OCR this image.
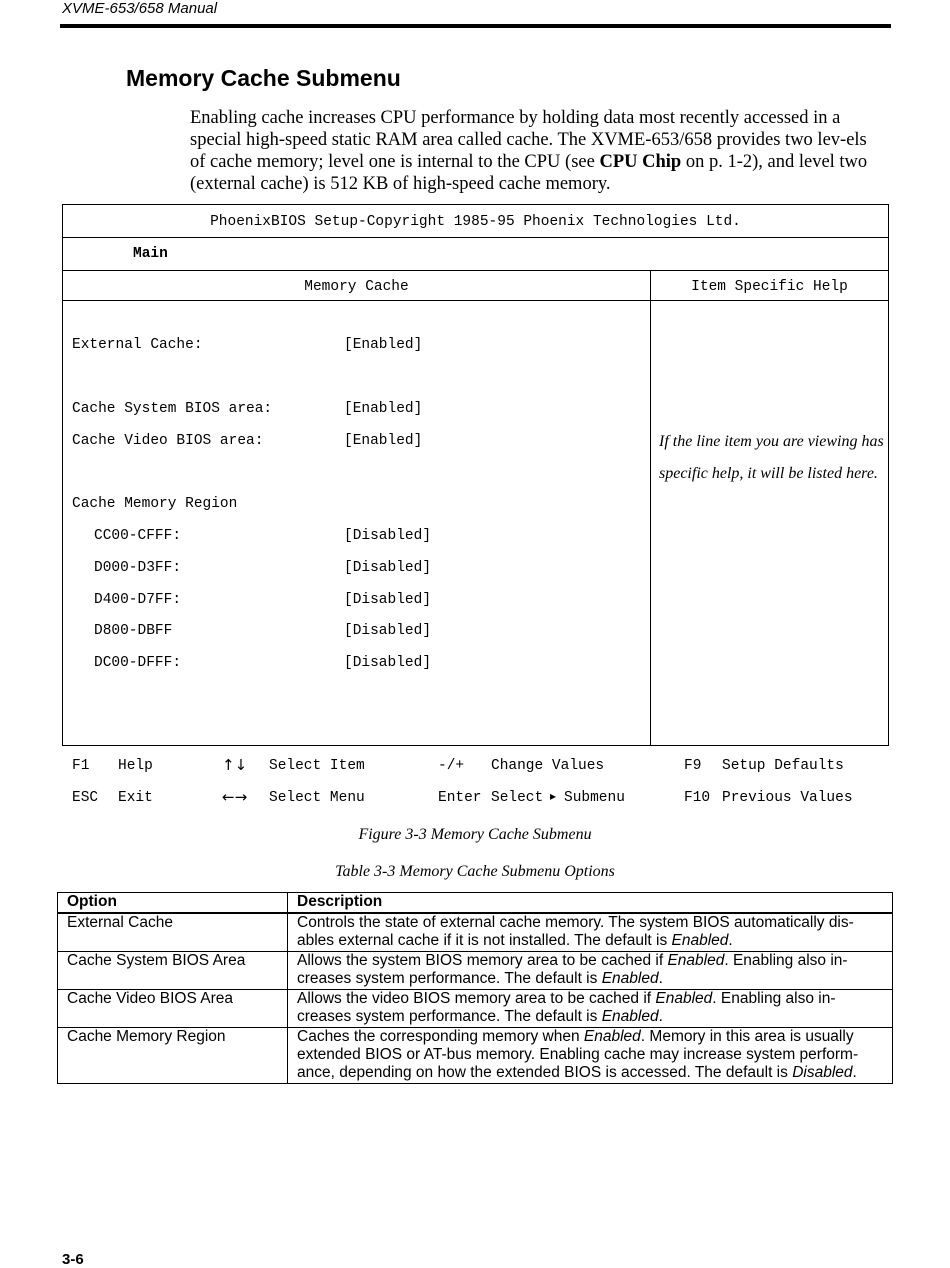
XVME-653/658 Manual
Memory Cache Submenu

Enabling cache increases CPU performance by holding data most recently accessed in a special high-speed static RAM area called cache. The XVME-653/658 provides two lev-els of cache memory; level one is internal to the CPU (see CPU Chip on p. 1-2), and level two (external cache) is 512 KB of high-speed cache memory.

PhoenixBIOS Setup-Copyright 1985-95 Phoenix Technologies Ltd.
Main
Memory Cache	Item Specific Help
External Cache:	[Enabled]
Cache System BIOS area:	[Enabled]
Cache Video BIOS area:	[Enabled]
Cache Memory Region
CC00-CFFF:	[Disabled]
D000-D3FF:	[Disabled]
D400-D7FF:	[Disabled]
D800-DBFF	[Disabled]
DC00-DFFF:	[Disabled]
If the line item you are viewing has specific help, it will be listed here.
F1 Help	↑↓ Select Item	-/+ Change Values	F9 Setup Defaults
ESC Exit	←→ Select Menu	Enter Select ▸ Submenu	F10 Previous Values
Figure 3-3 Memory Cache Submenu
Table 3-3 Memory Cache Submenu Options
Option	Description
External Cache	Controls the state of external cache memory. The system BIOS automatically dis-ables external cache if it is not installed. The default is Enabled.
Cache System BIOS Area	Allows the system BIOS memory area to be cached if Enabled. Enabling also in-creases system performance. The default is Enabled.
Cache Video BIOS Area	Allows the video BIOS memory area to be cached if Enabled. Enabling also in-creases system performance. The default is Enabled.
Cache Memory Region	Caches the corresponding memory when Enabled. Memory in this area is usually extended BIOS or AT-bus memory. Enabling cache may increase system perform-ance, depending on how the extended BIOS is accessed. The default is Disabled.
3-6
